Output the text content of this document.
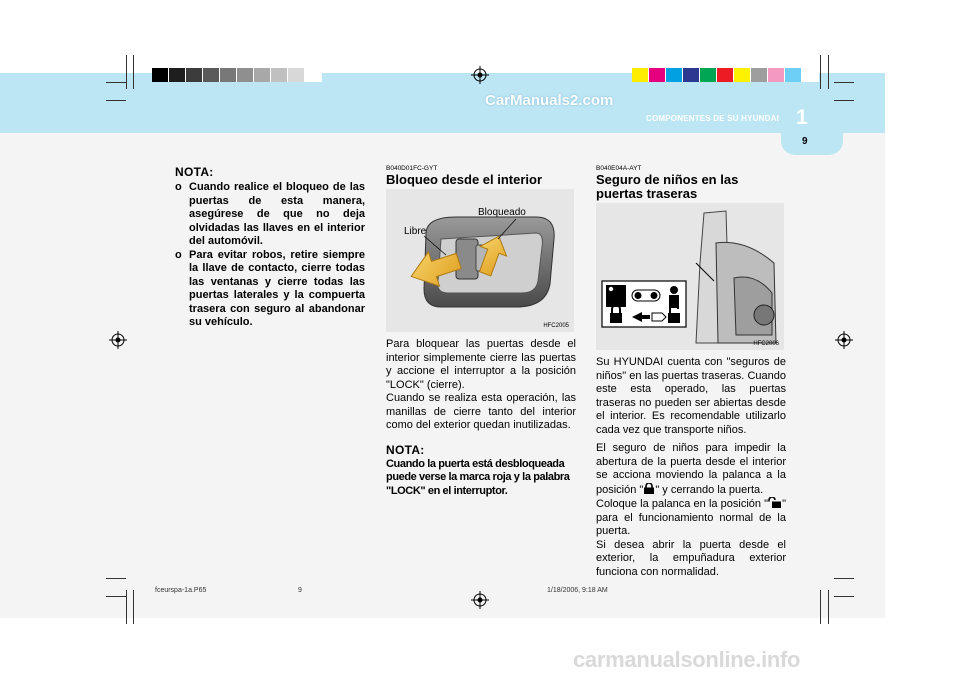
CarManuals2.com
COMPONENTES DE SU HYUNDAI 1
9
NOTA:
o Cuando realice el bloqueo de las puertas de esta manera, asegúrese de que no deja olvidadas las llaves en el interior del automóvil.
o Para evitar robos, retire siempre la llave de contacto, cierre todas las ventanas y cierre todas las puertas laterales y la compuerta trasera con seguro al abandonar su vehículo.

B040D01FC-GYT

Bloqueo desde el interior
Bloqueado
Libre
HFC2005

Para bloquear las puertas desde el interior simplemente cierre las puertas y accione el interruptor a la posición "LOCK" (cierre).

Cuando se realiza esta operación, las manillas de cierre tanto del interior como del exterior quedan inutilizadas.

NOTA:

Cuando la puerta está desbloqueada puede verse la marca roja y la palabra "LOCK" en el interruptor.

B040E04A-AYT

Seguro de niños en las puertas traseras
HFC2006

Su HYUNDAI cuenta con "seguros de niños" en las puertas traseras. Cuando este esta operado, las puertas traseras no pueden ser abiertas desde el interior. Es recomendable utilizarlo cada vez que transporte niños.

El seguro de niños para impedir la abertura de la puerta desde el interior se acciona moviendo la palanca a la posición " " y cerrando la puerta.

Coloque la palanca en la posición " " para el funcionamiento normal de la puerta.

Si desea abrir la puerta desde el exterior, la empuñadura exterior funciona con normalidad.

fceurspa-1a.P65	9	1/18/2006, 9:18 AM
carmanualsonline.info
